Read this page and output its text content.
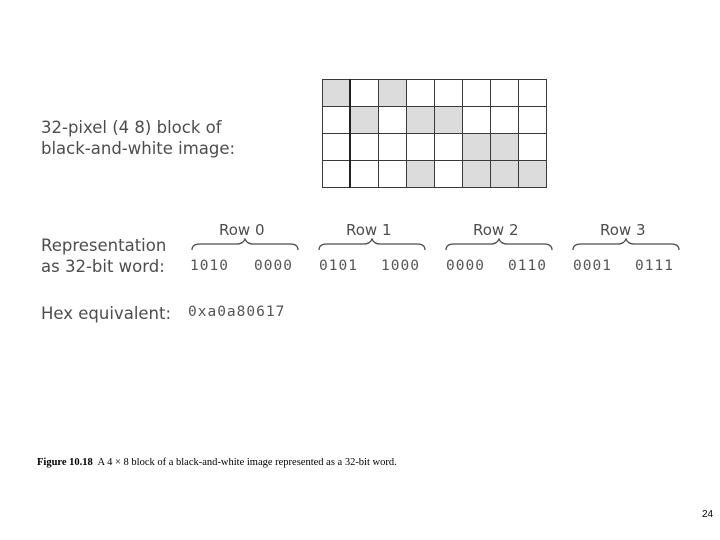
32-pixel (4 8) block of
black-and-white image:
Representation
as 32-bit word:
Hex equivalent: 0xa0a80617
Row 0	Row 1	Row 2	Row 3
1010 0000 0101 1000 0000 0110 0001 0111
Figure 10.18 A 4 × 8 block of a black-and-white image represented as a 32-bit word.
24
